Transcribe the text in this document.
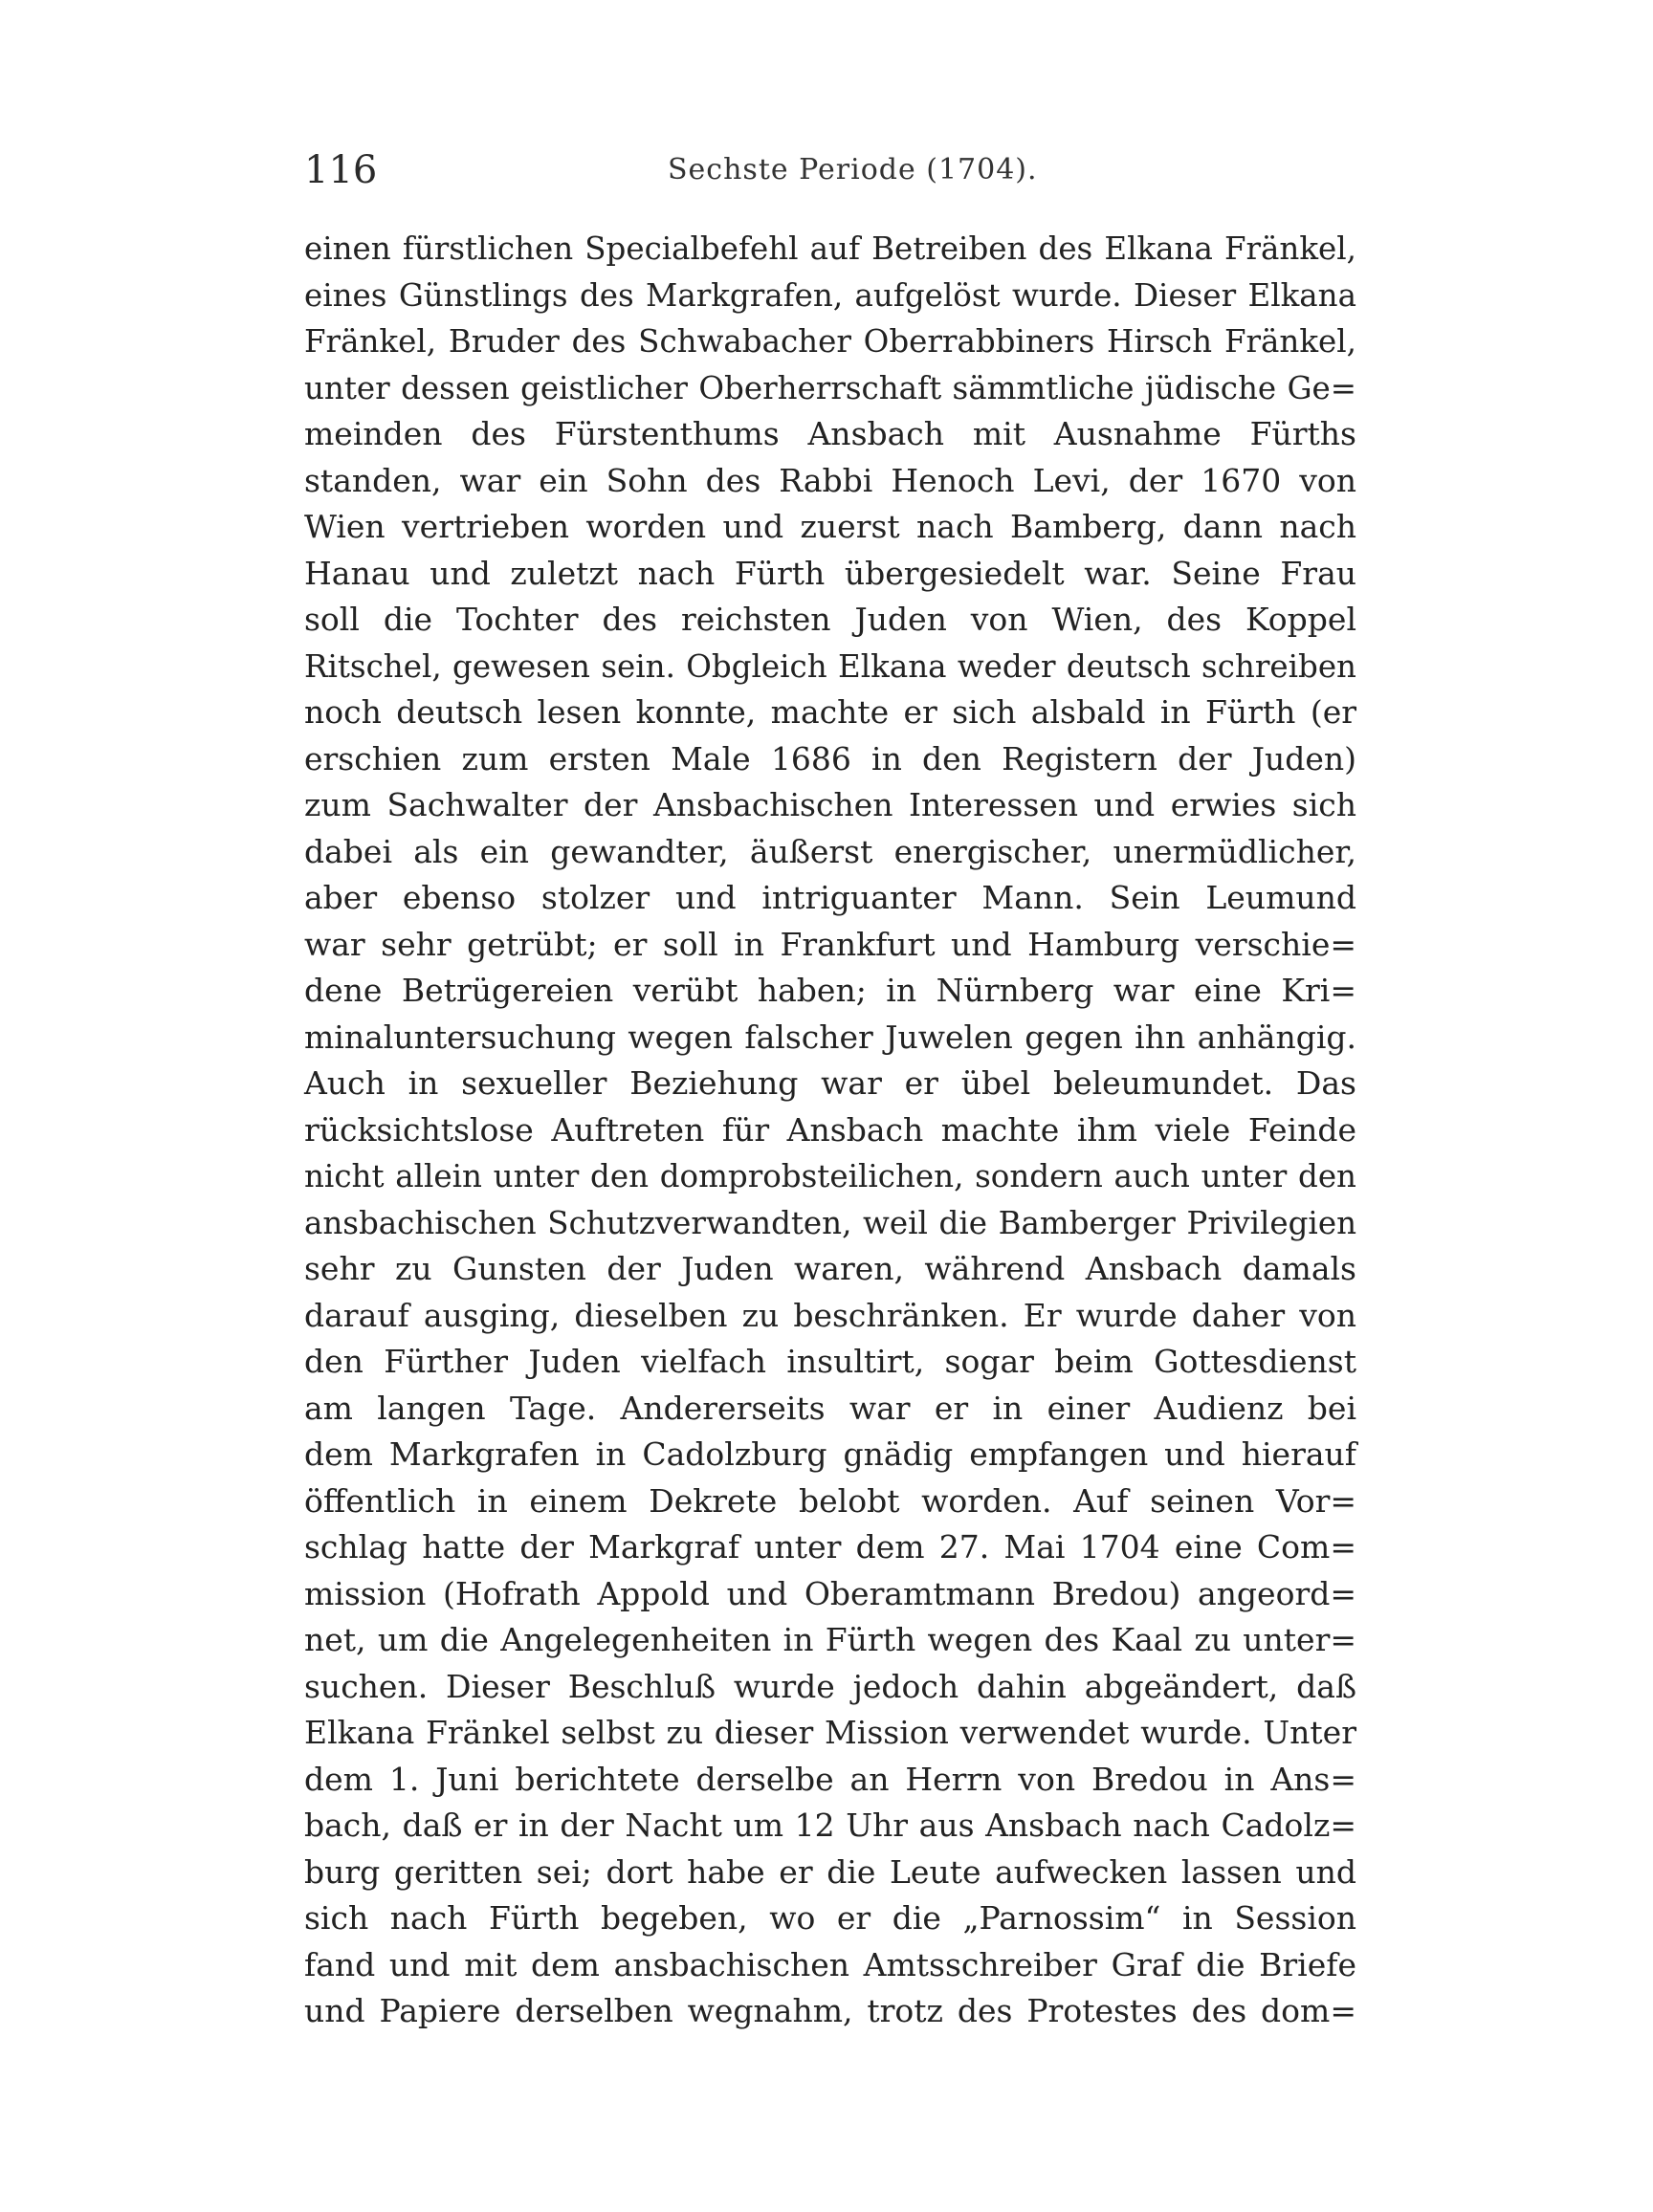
116	Sechste Periode (1704).
einen fürstlichen Specialbefehl auf Betreiben des Elkana Fränkel,
eines Günstlings des Markgrafen, aufgelöst wurde. Dieser Elkana
Fränkel, Bruder des Schwabacher Oberrabbiners Hirsch Fränkel,
unter dessen geistlicher Oberherrschaft sämmtliche jüdische Ge=
meinden des Fürstenthums Ansbach mit Ausnahme Fürths
standen, war ein Sohn des Rabbi Henoch Levi, der 1670 von
Wien vertrieben worden und zuerst nach Bamberg, dann nach
Hanau und zuletzt nach Fürth übergesiedelt war. Seine Frau
soll die Tochter des reichsten Juden von Wien, des Koppel
Ritschel, gewesen sein. Obgleich Elkana weder deutsch schreiben
noch deutsch lesen konnte, machte er sich alsbald in Fürth (er
erschien zum ersten Male 1686 in den Registern der Juden)
zum Sachwalter der Ansbachischen Interessen und erwies sich
dabei als ein gewandter, äußerst energischer, unermüdlicher,
aber ebenso stolzer und intriguanter Mann. Sein Leumund
war sehr getrübt; er soll in Frankfurt und Hamburg verschie=
dene Betrügereien verübt haben; in Nürnberg war eine Kri=
minaluntersuchung wegen falscher Juwelen gegen ihn anhängig.
Auch in sexueller Beziehung war er übel beleumundet. Das
rücksichtslose Auftreten für Ansbach machte ihm viele Feinde
nicht allein unter den domprobsteilichen, sondern auch unter den
ansbachischen Schutzverwandten, weil die Bamberger Privilegien
sehr zu Gunsten der Juden waren, während Ansbach damals
darauf ausging, dieselben zu beschränken. Er wurde daher von
den Fürther Juden vielfach insultirt, sogar beim Gottesdienst
am langen Tage. Andererseits war er in einer Audienz bei
dem Markgrafen in Cadolzburg gnädig empfangen und hierauf
öffentlich in einem Dekrete belobt worden. Auf seinen Vor=
schlag hatte der Markgraf unter dem 27. Mai 1704 eine Com=
mission (Hofrath Appold und Oberamtmann Bredou) angeord=
net, um die Angelegenheiten in Fürth wegen des Kaal zu unter=
suchen. Dieser Beschluß wurde jedoch dahin abgeändert, daß
Elkana Fränkel selbst zu dieser Mission verwendet wurde. Unter
dem 1. Juni berichtete derselbe an Herrn von Bredou in Ans=
bach, daß er in der Nacht um 12 Uhr aus Ansbach nach Cadolz=
burg geritten sei; dort habe er die Leute aufwecken lassen und
sich nach Fürth begeben, wo er die „Parnossim“ in Session
fand und mit dem ansbachischen Amtsschreiber Graf die Briefe
und Papiere derselben wegnahm, trotz des Protestes des dom=
